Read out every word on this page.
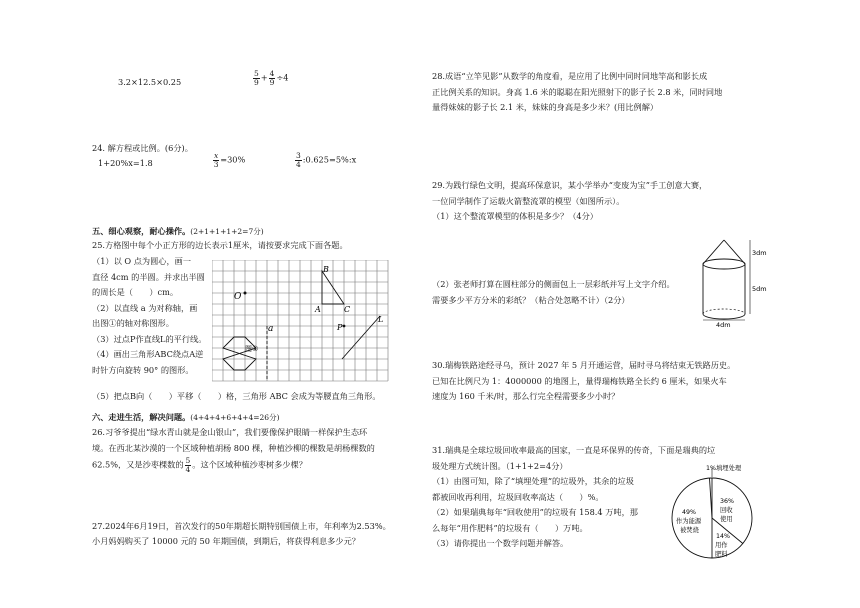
3.2×12.5×0.25	$\frac{5}{9} + \frac{4}{9} \div 4$
24. 解方程或比例。(6分)。
1+20%x=1.8	$\frac{x}{3} =30\%$	$\frac{3}{4}$ :0.625=5%:x
五、细心观察，耐心操作。(2+1+1+1+2=7分)
25.方格图中每个小正方形的边长表示1厘米，请按要求完成下面各题。
（1）以 O 点为圆心，画一
直径 4cm 的半圆。并求出半圆
的周长是（　　）cm。
（2）以直线 a 为对称轴，画
出图①的轴对称图形。
（3）过点P作直线L的平行线。
（4）画出三角形ABC绕点A逆
时针方向旋转 90° 的图形。
O
a
图①
B
A	C
P
L
（5）把点B向（　　）平移（　　）格，三角形 ABC 会成为等腰直角三角形。
六、走进生活，解决问题。(4+4+4+6+4+4=26分)
26.习爷爷提出“绿水青山就是金山银山”，我们要像保护眼睛一样保护生态环
境。在西北某沙漠的一个区域种植胡杨 800 棵，种植沙柳的棵数是胡杨棵数的
62.5%，又是沙枣棵数的 $\frac{5}{4}$ 。这个区域种植沙枣树多少棵？
27.2024年6月19日，首次发行的50年期超长期特别国债上市，年利率为2.53%。
小月妈妈购买了 10000 元的 50 年期国债，到期后，将获得利息多少元？
28.成语“立竿见影”从数学的角度看，是应用了比例中同时同地竿高和影长成
正比例关系的知识。身高 1.6 米的聪聪在阳光照射下的影子长 2.8 米，同时同地
量得妹妹的影子长 2.1 米，妹妹的身高是多少米？(用比例解）
29.为践行绿色文明，提高环保意识，某小学举办“变废为宝”手工创意大赛，
一位同学制作了运载火箭整流罩的模型（如图所示）。
（1）这个整流罩模型的体积是多少？（4分）
（2）张老师打算在圆柱部分的侧面包上一层彩纸并写上文字介绍。
需要多少平方分米的彩纸？（粘合处忽略不计）（2分）
3dm
5dm
4dm
30.瑞梅铁路途经寻乌，预计 2027 年 5 月开通运营，届时寻乌将结束无铁路历史。
已知在比例尺为 1：4000000 的地图上，量得瑞梅铁路全长约 6 厘米，如果火车
速度为 160 千米/时，那么行完全程需要多少小时？
31.瑞典是全球垃圾回收率最高的国家，一直是环保界的传奇，下面是瑞典的垃
圾处理方式统计图。（1+1+2=4分）
（1）由图可知，除了“填埋处理”的垃圾外，其余的垃圾
都被回收再利用，垃圾回收率高达（　　）%。
（2）如果瑞典每年“回收使用”的垃圾有 158.4 万吨，那
么每年“用作肥料”的垃圾有（　　）万吨。
（3）请你提出一个数学问题并解答。
1%填埋处理
36%
回收
使用
14%
用作
肥料
49%
作为能源
被焚烧
